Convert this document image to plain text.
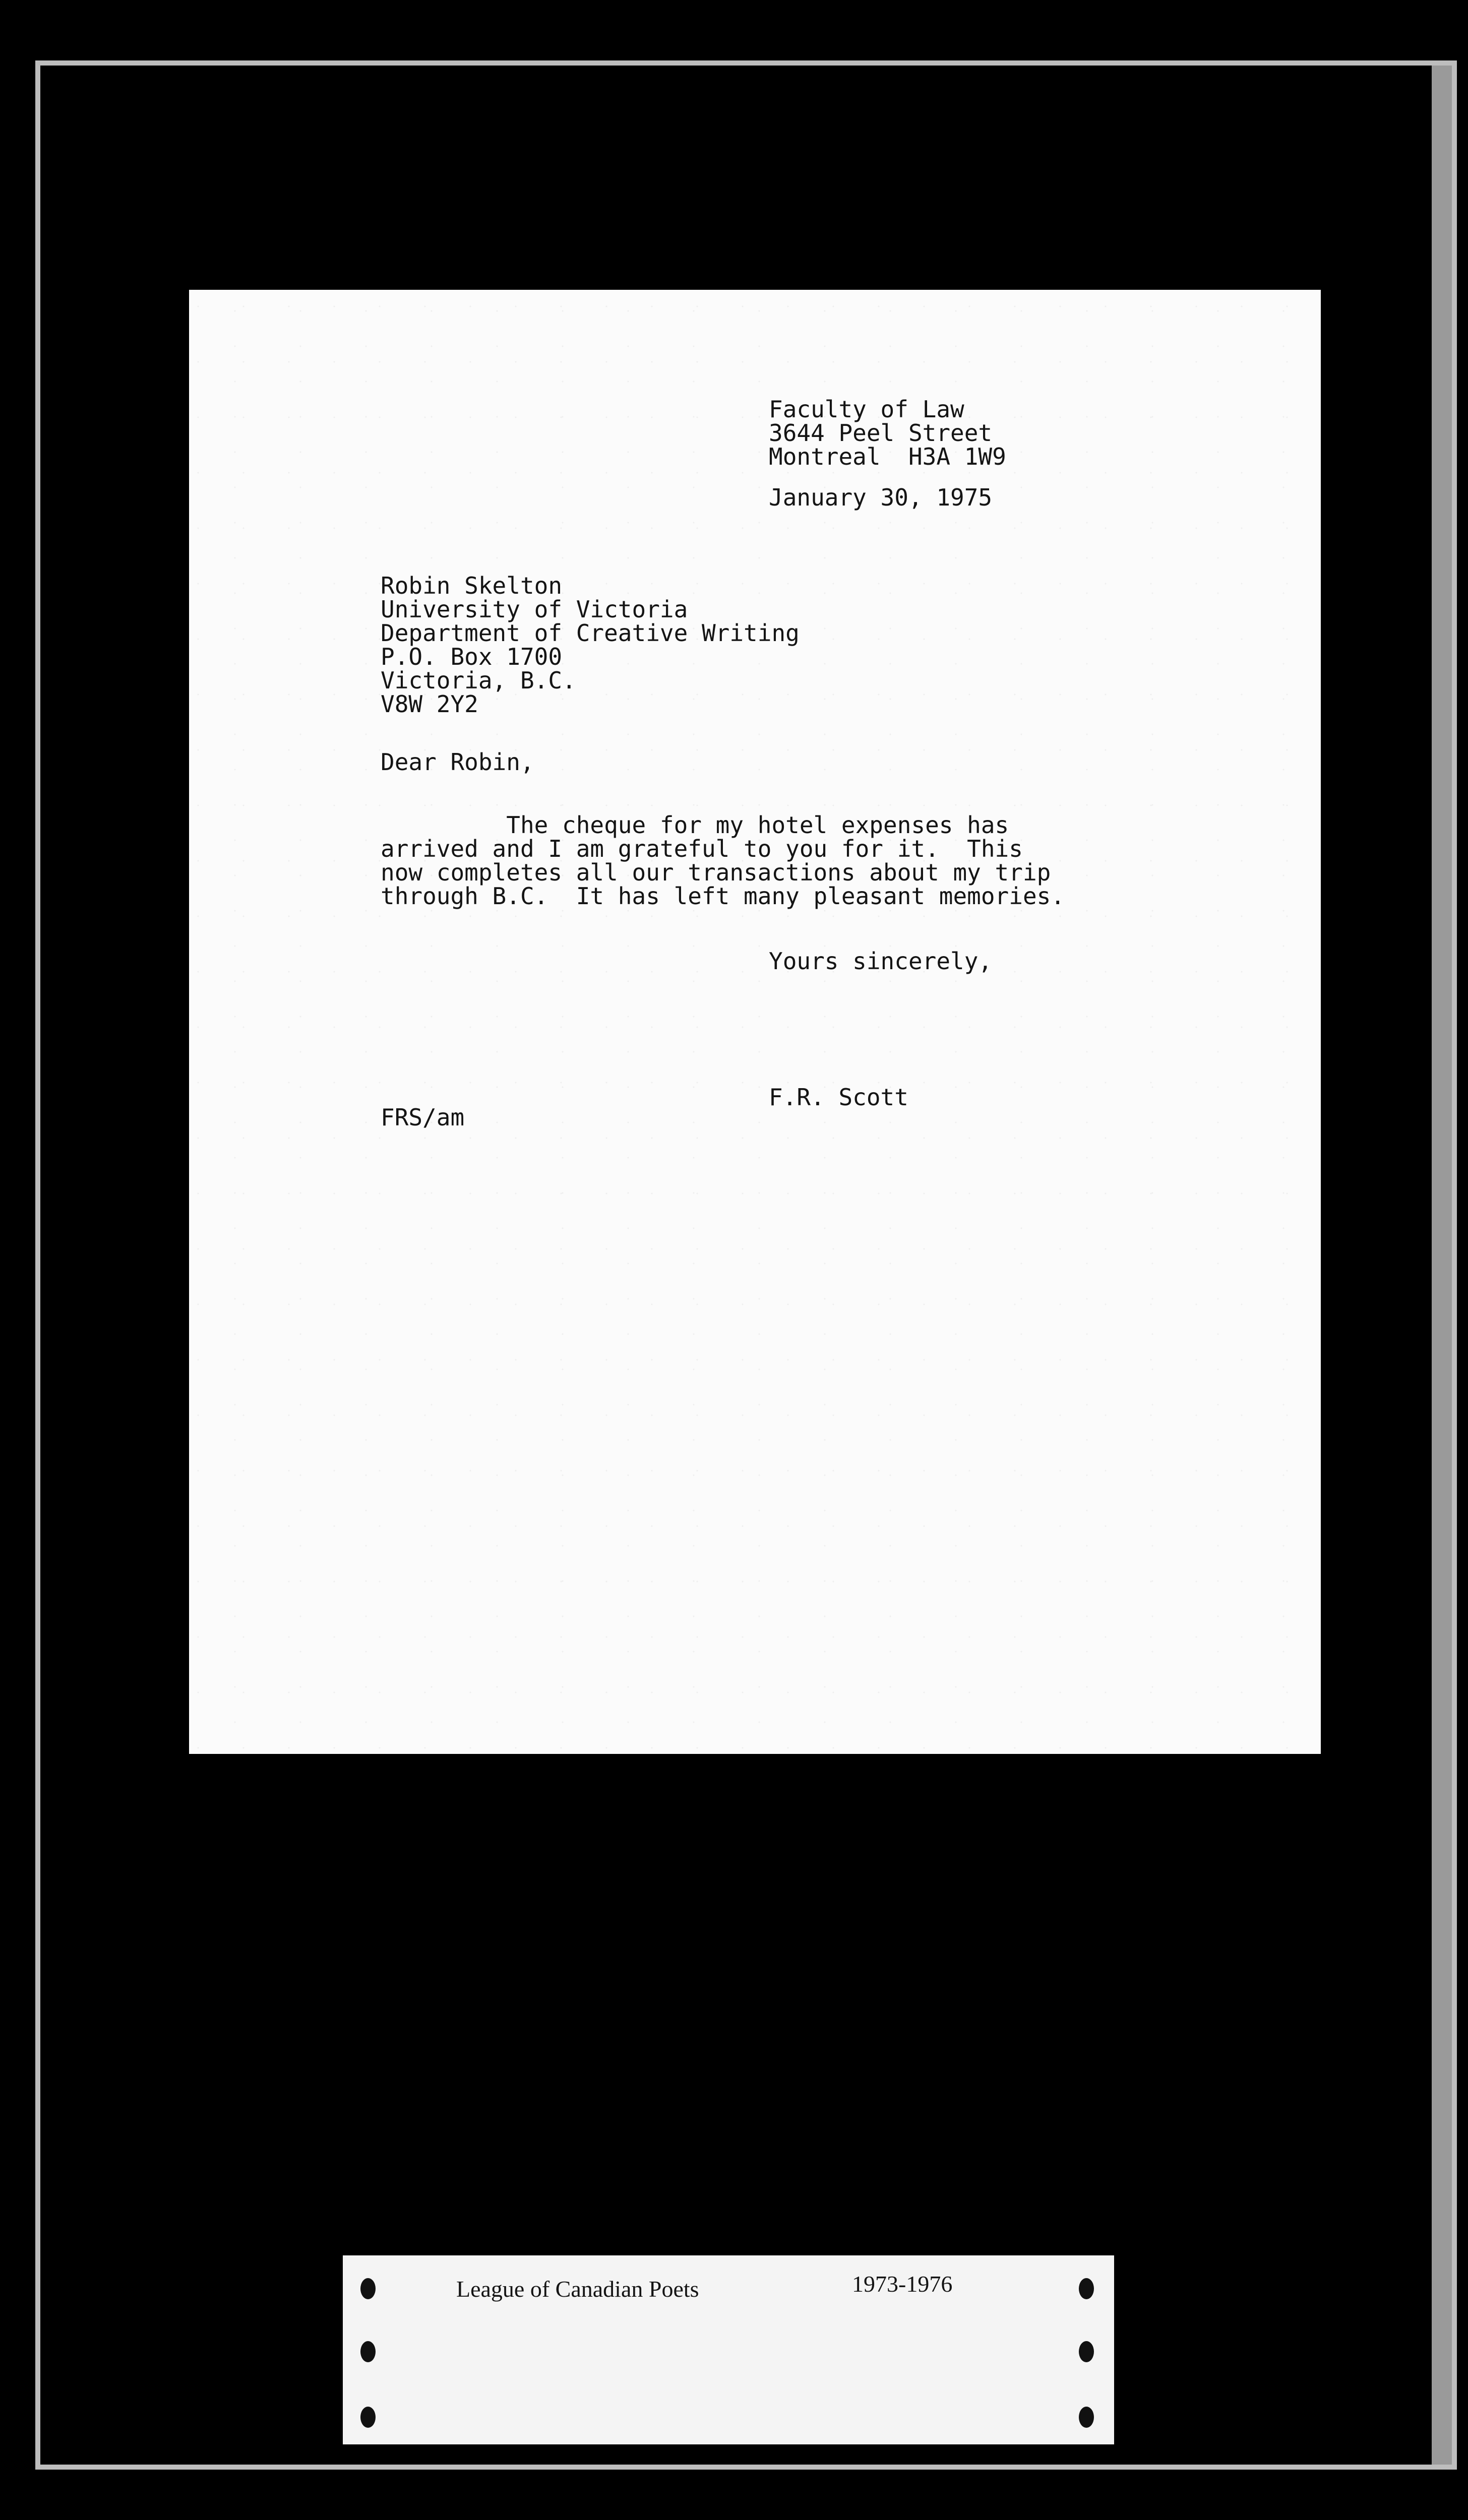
Faculty of Law
3644 Peel Street
Montreal  H3A 1W9
January 30, 1975
Robin Skelton
University of Victoria
Department of Creative Writing
P.O. Box 1700
Victoria, B.C.
V8W 2Y2
Dear Robin,
The cheque for my hotel expenses has
arrived and I am grateful to you for it.  This
now completes all our transactions about my trip
through B.C.  It has left many pleasant memories.
Yours sincerely,
F.R. Scott
FRS/am
League of Canadian Poets	1973-1976
